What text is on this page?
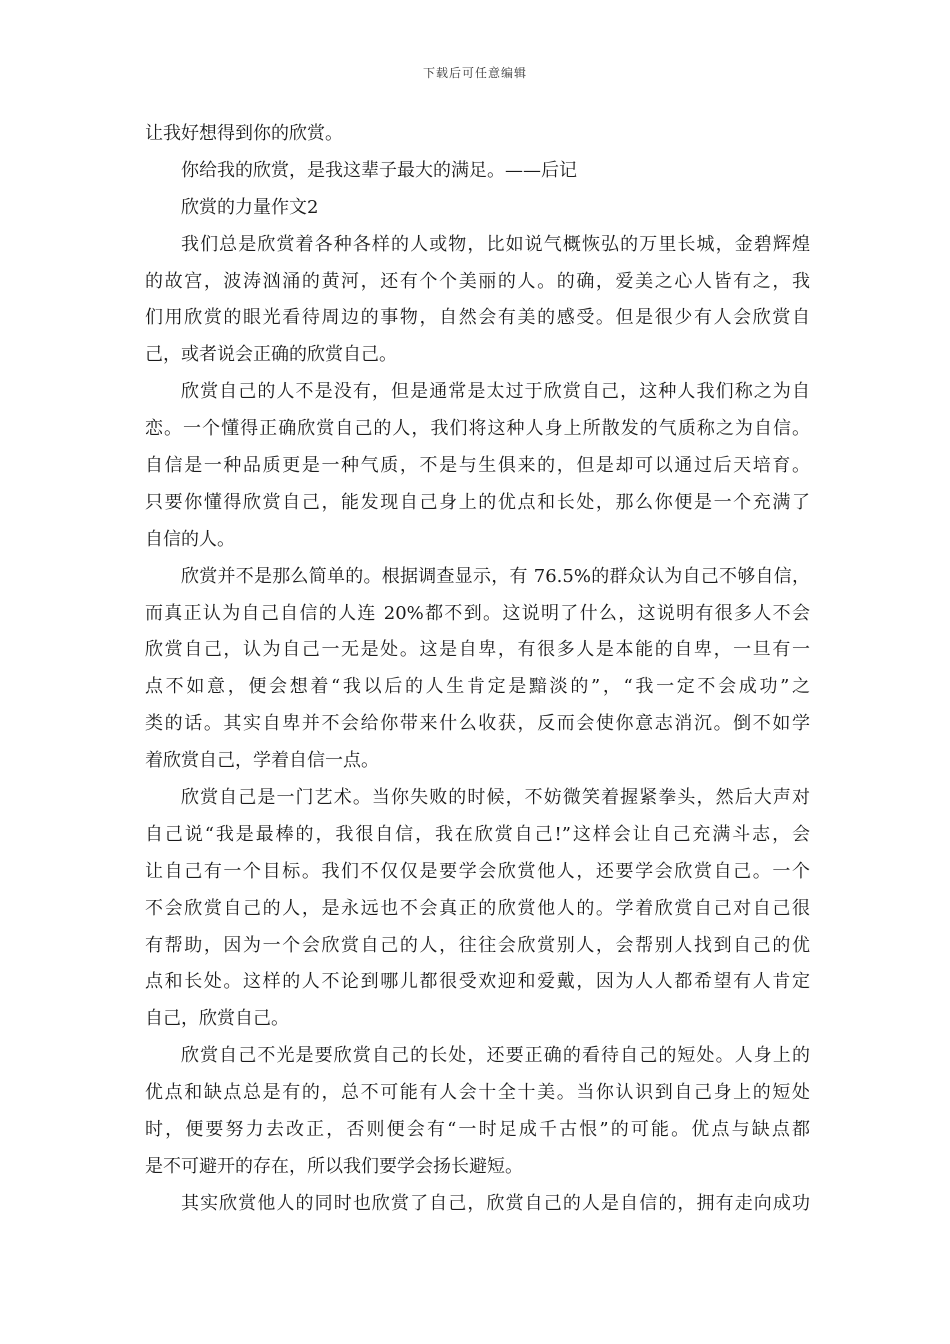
下载后可任意编辑
让我好想得到你的欣赏。
你给我的欣赏，是我这辈子最大的满足。——后记
欣赏的力量作文2
我们总是欣赏着各种各样的人或物，比如说气概恢弘的万里长城，金碧辉煌
的故宫，波涛汹涌的黄河，还有个个美丽的人。的确，爱美之心人皆有之，我
们用欣赏的眼光看待周边的事物，自然会有美的感受。但是很少有人会欣赏自
己，或者说会正确的欣赏自己。
欣赏自己的人不是没有，但是通常是太过于欣赏自己，这种人我们称之为自
恋。一个懂得正确欣赏自己的人，我们将这种人身上所散发的气质称之为自信。
自信是一种品质更是一种气质，不是与生俱来的，但是却可以通过后天培育。
只要你懂得欣赏自己，能发现自己身上的优点和长处，那么你便是一个充满了
自信的人。
欣赏并不是那么简单的。根据调查显示，有 76.5%的群众认为自己不够自信，
而真正认为自己自信的人连 20%都不到。这说明了什么，这说明有很多人不会
欣赏自己，认为自己一无是处。这是自卑，有很多人是本能的自卑，一旦有一
点不如意，便会想着“我以后的人生肯定是黯淡的”，“我一定不会成功”之
类的话。其实自卑并不会给你带来什么收获，反而会使你意志消沉。倒不如学
着欣赏自己，学着自信一点。
欣赏自己是一门艺术。当你失败的时候，不妨微笑着握紧拳头，然后大声对
自己说“我是最棒的，我很自信，我在欣赏自己!”这样会让自己充满斗志，会
让自己有一个目标。我们不仅仅是要学会欣赏他人，还要学会欣赏自己。一个
不会欣赏自己的人，是永远也不会真正的欣赏他人的。学着欣赏自己对自己很
有帮助，因为一个会欣赏自己的人，往往会欣赏别人，会帮别人找到自己的优
点和长处。这样的人不论到哪儿都很受欢迎和爱戴，因为人人都希望有人肯定
自己，欣赏自己。
欣赏自己不光是要欣赏自己的长处，还要正确的看待自己的短处。人身上的
优点和缺点总是有的，总不可能有人会十全十美。当你认识到自己身上的短处
时，便要努力去改正，否则便会有“一时足成千古恨”的可能。优点与缺点都
是不可避开的存在，所以我们要学会扬长避短。
其实欣赏他人的同时也欣赏了自己，欣赏自己的人是自信的，拥有走向成功
